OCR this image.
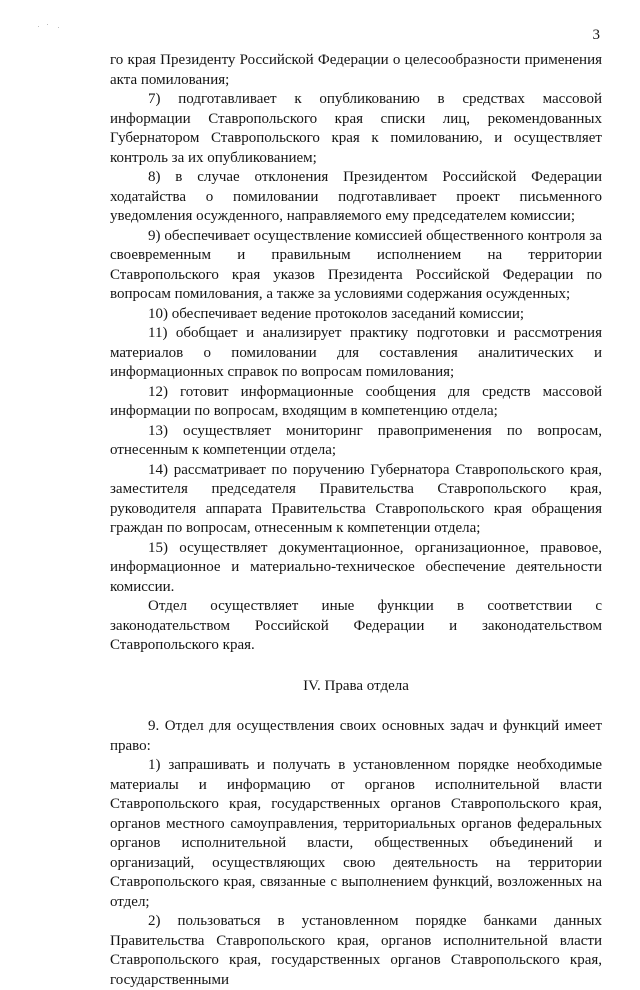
3

го края Президенту Российской Федерации о целесообразности применения акта помилования;

7) подготавливает к опубликованию в средствах массовой информации Ставропольского края списки лиц, рекомендованных Губернатором Ставропольского края к помилованию, и осуществляет контроль за их опубликованием;

8) в случае отклонения Президентом Российской Федерации ходатайства о помиловании подготавливает проект письменного уведомления осужденного, направляемого ему председателем комиссии;

9) обеспечивает осуществление комиссией общественного контроля за своевременным и правильным исполнением на территории Ставропольского края указов Президента Российской Федерации по вопросам помилования, а также за условиями содержания осужденных;

10) обеспечивает ведение протоколов заседаний комиссии;

11) обобщает и анализирует практику подготовки и рассмотрения материалов о помиловании для составления аналитических и информационных справок по вопросам помилования;

12) готовит информационные сообщения для средств массовой информации по вопросам, входящим в компетенцию отдела;

13) осуществляет мониторинг правоприменения по вопросам, отнесенным к компетенции отдела;

14) рассматривает по поручению Губернатора Ставропольского края, заместителя председателя Правительства Ставропольского края, руководителя аппарата Правительства Ставропольского края обращения граждан по вопросам, отнесенным к компетенции отдела;

15) осуществляет документационное, организационное, правовое, информационное и материально-техническое обеспечение деятельности комиссии.

Отдел осуществляет иные функции в соответствии с законодательством Российской Федерации и законодательством Ставропольского края.

IV. Права отдела

9. Отдел для осуществления своих основных задач и функций имеет право:

1) запрашивать и получать в установленном порядке необходимые материалы и информацию от органов исполнительной власти Ставропольского края, государственных органов Ставропольского края, органов местного самоуправления, территориальных органов федеральных органов исполнительной власти, общественных объединений и организаций, осуществляющих свою деятельность на территории Ставропольского края, связанные с выполнением функций, возложенных на отдел;

2) пользоваться в установленном порядке банками данных Правительства Ставропольского края, органов исполнительной власти Ставропольского края, государственных органов Ставропольского края, государственными
